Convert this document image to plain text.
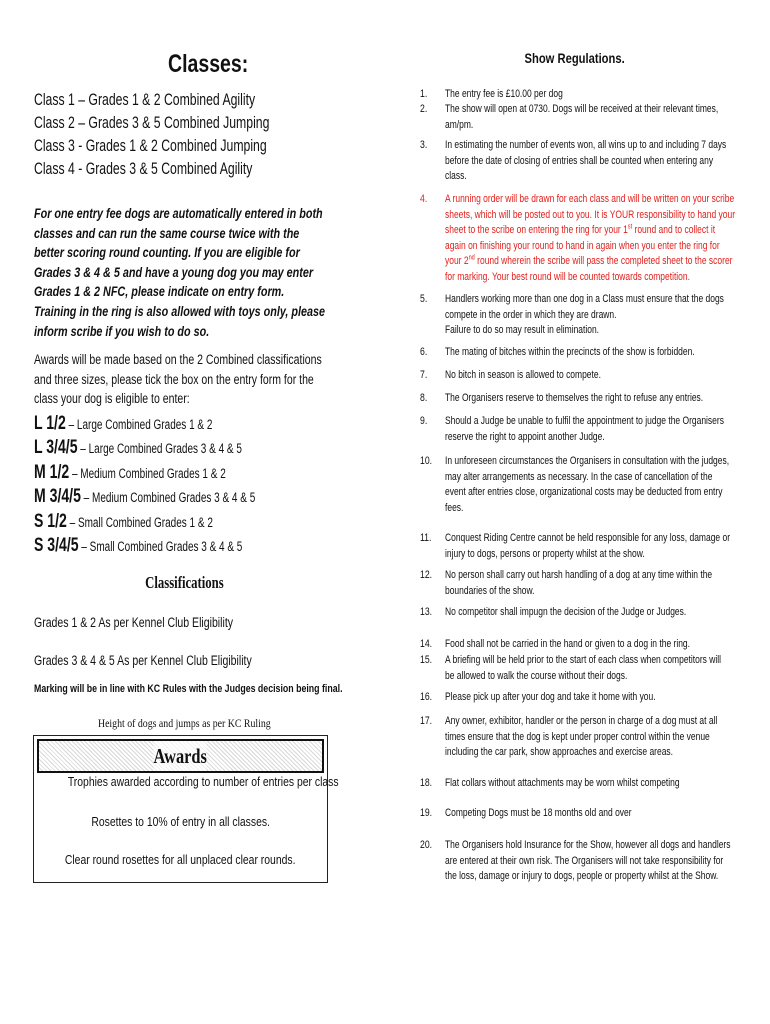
Classes:
Class 1 – Grades 1 & 2 Combined Agility
Class 2 – Grades 3 & 5 Combined Jumping
Class 3 - Grades 1 & 2 Combined Jumping
Class 4 - Grades 3 & 5 Combined Agility
For one entry fee dogs are automatically entered in both
classes and can run the same course twice with the
better scoring round counting. If you are eligible for
Grades 3 & 4 & 5 and have a young dog you may enter
Grades 1 & 2 NFC, please indicate on entry form.
Training in the ring is also allowed with toys only, please
inform scribe if you wish to do so.
Awards will be made based on the 2 Combined classifications
and three sizes, please tick the box on the entry form for the
class your dog is eligible to enter:
L 1/2 – Large Combined Grades 1 & 2
L 3/4/5 – Large Combined Grades 3 & 4 & 5
M 1/2 – Medium Combined Grades 1 & 2
M 3/4/5 – Medium Combined Grades 3 & 4 & 5
S 1/2 – Small Combined Grades 1 & 2
S 3/4/5 – Small Combined Grades 3 & 4 & 5
Classifications
Grades 1 & 2 As per Kennel Club Eligibility
Grades 3 & 4 & 5 As per Kennel Club Eligibility
Marking will be in line with KC Rules with the Judges decision being final.
Height of dogs and jumps as per KC Ruling
Awards
Trophies awarded according to number of entries per class
Rosettes to 10% of entry in all classes.
Clear round rosettes for all unplaced clear rounds.
Show Regulations.
1.	The entry fee is £10.00 per dog
2.	The show will open at 0730. Dogs will be received at their relevant times,
am/pm.
3.	In estimating the number of events won, all wins up to and including 7 days
before the date of closing of entries shall be counted when entering any
class.
4.	A running order will be drawn for each class and will be written on your scribe
sheets, which will be posted out to you. It is YOUR responsibility to hand your
sheet to the scribe on entering the ring for your 1st round and to collect it
again on finishing your round to hand in again when you enter the ring for
your 2nd round wherein the scribe will pass the completed sheet to the scorer
for marking. Your best round will be counted towards competition.
5.	Handlers working more than one dog in a Class must ensure that the dogs
compete in the order in which they are drawn.
Failure to do so may result in elimination.
6.	The mating of bitches within the precincts of the show is forbidden.
7.	No bitch in season is allowed to compete.
8.	The Organisers reserve to themselves the right to refuse any entries.
9.	Should a Judge be unable to fulfil the appointment to judge the Organisers
reserve the right to appoint another Judge.
10.	In unforeseen circumstances the Organisers in consultation with the judges,
may alter arrangements as necessary. In the case of cancellation of the
event after entries close, organizational costs may be deducted from entry
fees.
11.	Conquest Riding Centre cannot be held responsible for any loss, damage or
injury to dogs, persons or property whilst at the show.
12.	No person shall carry out harsh handling of a dog at any time within the
boundaries of the show.
13.	No competitor shall impugn the decision of the Judge or Judges.
14.	Food shall not be carried in the hand or given to a dog in the ring.
15.	A briefing will be held prior to the start of each class when competitors will
be allowed to walk the course without their dogs.
16.	Please pick up after your dog and take it home with you.
17.	Any owner, exhibitor, handler or the person in charge of a dog must at all
times ensure that the dog is kept under proper control within the venue
including the car park, show approaches and exercise areas.
18.	Flat collars without attachments may be worn whilst competing
19.	Competing Dogs must be 18 months old and over
20.	The Organisers hold Insurance for the Show, however all dogs and handlers
are entered at their own risk. The Organisers will not take responsibility for
the loss, damage or injury to dogs, people or property whilst at the Show.
